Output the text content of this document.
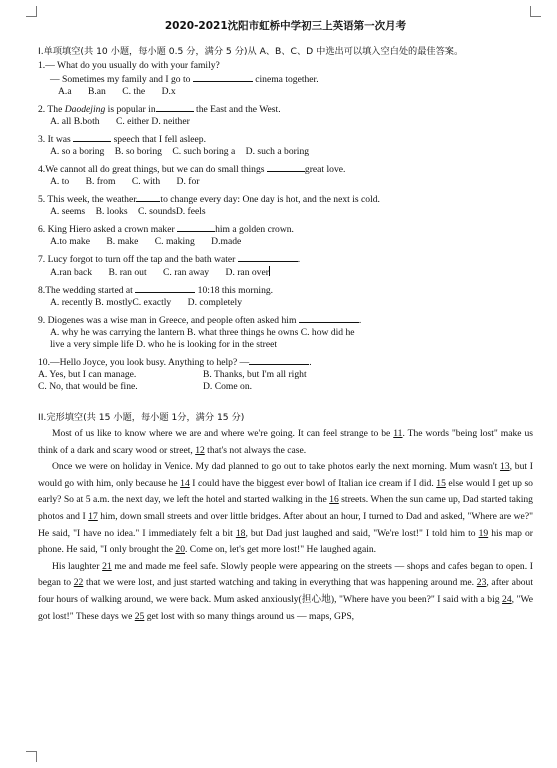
2020-2021沈阳市虹桥中学初三上英语第一次月考
I.单项填空(共 10 小题，每小题 0.5 分，满分 5 分)从 A、B、C、D 中选出可以填入空白处的最佳答案。
1.— What do you usually do with your family?
— Sometimes my family and I go to	cinema together.
A.a B.an C. the D.x
2. The Daodejing is popular in	the East and the West.
A. all B.both C. either D. neither
3. It was	speech that I fell asleep.
A. so a boring B. so boring C. such boring a D. such a boring
4.We cannot all do great things, but we can do small things	great love.
A. to B. from C. with D. for
5. This week, the weather	to change every day: One day is hot, and the next is cold.
A. seems B. looks C. soundsD. feels
6. King Hiero asked a crown maker	him a golden crown.
A.to make B. make C. making D.made
7. Lucy forgot to turn off the tap and the bath water	.
A.ran back B. ran out C. ran away D. ran over
8.The wedding started at	10:18 this morning.
A. recently B. mostlyC. exactly D. completely
9. Diogenes was a wise man in Greece, and people often asked him	.
A. why he was carrying the lantern B. what three things he owns C. how did he
live a very simple life D. who he is looking for in the street
10.—Hello Joyce, you look busy. Anything to help? —	.
A. Yes, but I can manage.	B. Thanks, but I'm all right
C. No, that would be fine.	D. Come on.
II.完形填空(共 15 小题，每小题 1分，满分 15 分)

Most of us like to know where we are and where we're going. It can feel strange to be 11. The words "being lost" make us think of a dark and scary wood or street, 12 that's not always the case.

Once we were on holiday in Venice. My dad planned to go out to take photos early the next morning. Mum wasn't 13, but I would go with him, only because he 14 I could have the biggest ever bowl of Italian ice cream if I did. 15 else would I get up so early? So at 5 a.m. the next day, we left the hotel and started walking in the 16 streets. When the sun came up, Dad started taking photos and I 17 him, down small streets and over little bridges. After about an hour, I turned to Dad and asked, "Where are we?" He said, "I have no idea." I immediately felt a bit 18, but Dad just laughed and said, "We're lost!" I told him to 19 his map or phone. He said, "I only brought the 20. Come on, let's get more lost!" He laughed again.

His laughter 21 me and made me feel safe. Slowly people were appearing on the streets — shops and cafes began to open. I began to 22 that we were lost, and just started watching and taking in everything that was happening around me. 23, after about four hours of walking around, we were back. Mum asked anxiously(担心地), "Where have you been?" I said with a big 24, "We got lost!" These days we 25 get lost with so many things around us — maps, GPS,
